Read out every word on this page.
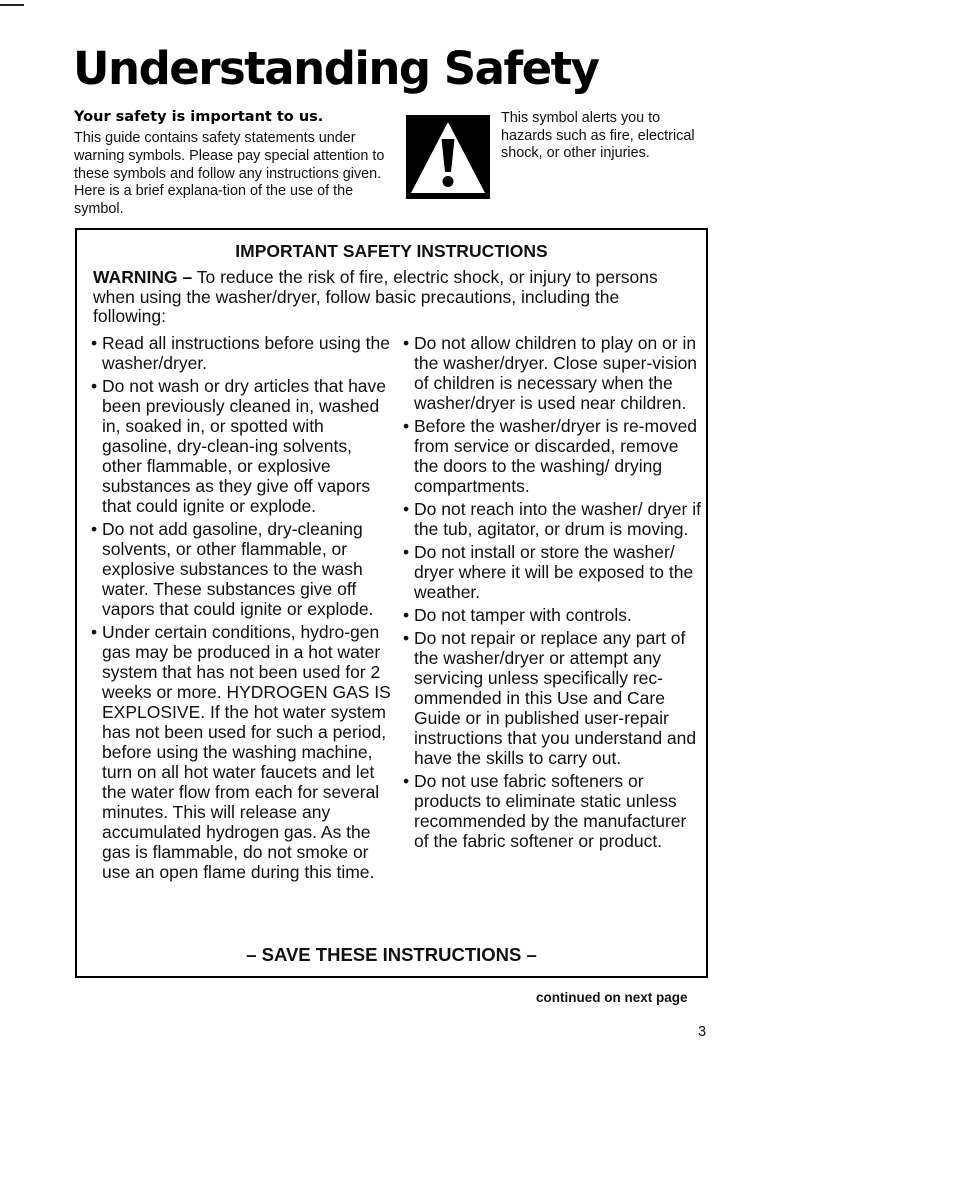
Understanding Safety
Your safety is important to us.

This guide contains safety statements under warning symbols. Please pay special attention to these symbols and follow any instructions given. Here is a brief explana-tion of the use of the symbol.

This symbol alerts you to hazards such as fire, electrical shock, or other injuries.

IMPORTANT SAFETY INSTRUCTIONS

WARNING – To reduce the risk of fire, electric shock, or injury to persons when using the washer/dryer, follow basic precautions, including the following:

• Read all instructions before using the washer/dryer.
• Do not wash or dry articles that have been previously cleaned in, washed in, soaked in, or spotted with gasoline, dry-clean-ing solvents, other flammable, or explosive substances as they give off vapors that could ignite or explode.
• Do not add gasoline, dry-cleaning solvents, or other flammable, or explosive substances to the wash water. These substances give off vapors that could ignite or explode.
• Under certain conditions, hydro-gen gas may be produced in a hot water system that has not been used for 2 weeks or more. HYDROGEN GAS IS EXPLOSIVE. If the hot water system has not been used for such a period, before using the washing machine, turn on all hot water faucets and let the water flow from each for several minutes. This will release any accumulated hydrogen gas. As the gas is flammable, do not smoke or use an open flame during this time.
• Do not allow children to play on or in the washer/dryer. Close super-vision of children is necessary when the washer/dryer is used near children.
• Before the washer/dryer is re-moved from service or discarded, remove the doors to the washing/ drying compartments.
• Do not reach into the washer/ dryer if the tub, agitator, or drum is moving.
• Do not install or store the washer/ dryer where it will be exposed to the weather.
• Do not tamper with controls.
• Do not repair or replace any part of the washer/dryer or attempt any servicing unless specifically rec-ommended in this Use and Care Guide or in published user-repair instructions that you understand and have the skills to carry out.
• Do not use fabric softeners or products to eliminate static unless recommended by the manufacturer of the fabric softener or product.

– SAVE THESE INSTRUCTIONS –

continued on next page

3
